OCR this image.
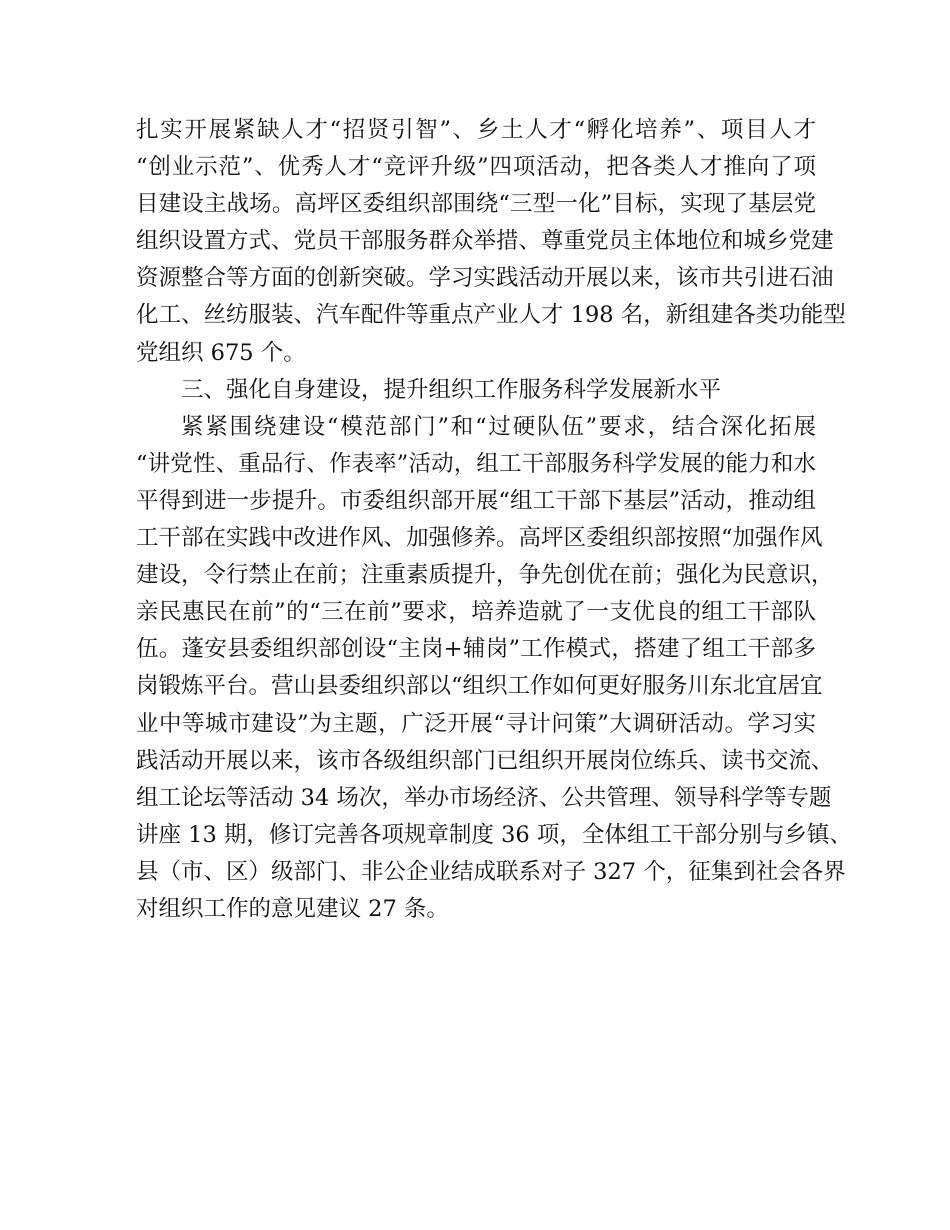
扎实开展紧缺人才“招贤引智”、乡土人才“孵化培养”、项目人才
“创业示范”、优秀人才“竞评升级”四项活动，把各类人才推向了项
目建设主战场。高坪区委组织部围绕“三型一化”目标，实现了基层党
组织设置方式、党员干部服务群众举措、尊重党员主体地位和城乡党建
资源整合等方面的创新突破。学习实践活动开展以来，该市共引进石油
化工、丝纺服装、汽车配件等重点产业人才 198 名，新组建各类功能型
党组织 675 个。
三、强化自身建设，提升组织工作服务科学发展新水平
紧紧围绕建设“模范部门”和“过硬队伍”要求，结合深化拓展
“讲党性、重品行、作表率”活动，组工干部服务科学发展的能力和水
平得到进一步提升。市委组织部开展“组工干部下基层”活动，推动组
工干部在实践中改进作风、加强修养。高坪区委组织部按照“加强作风
建设，令行禁止在前；注重素质提升，争先创优在前；强化为民意识，
亲民惠民在前”的“三在前”要求，培养造就了一支优良的组工干部队
伍。蓬安县委组织部创设“主岗+辅岗”工作模式，搭建了组工干部多
岗锻炼平台。营山县委组织部以“组织工作如何更好服务川东北宜居宜
业中等城市建设”为主题，广泛开展“寻计问策”大调研活动。学习实
践活动开展以来，该市各级组织部门已组织开展岗位练兵、读书交流、
组工论坛等活动 34 场次，举办市场经济、公共管理、领导科学等专题
讲座 13 期，修订完善各项规章制度 36 项，全体组工干部分别与乡镇、
县（市、区）级部门、非公企业结成联系对子 327 个，征集到社会各界
对组织工作的意见建议 27 条。
